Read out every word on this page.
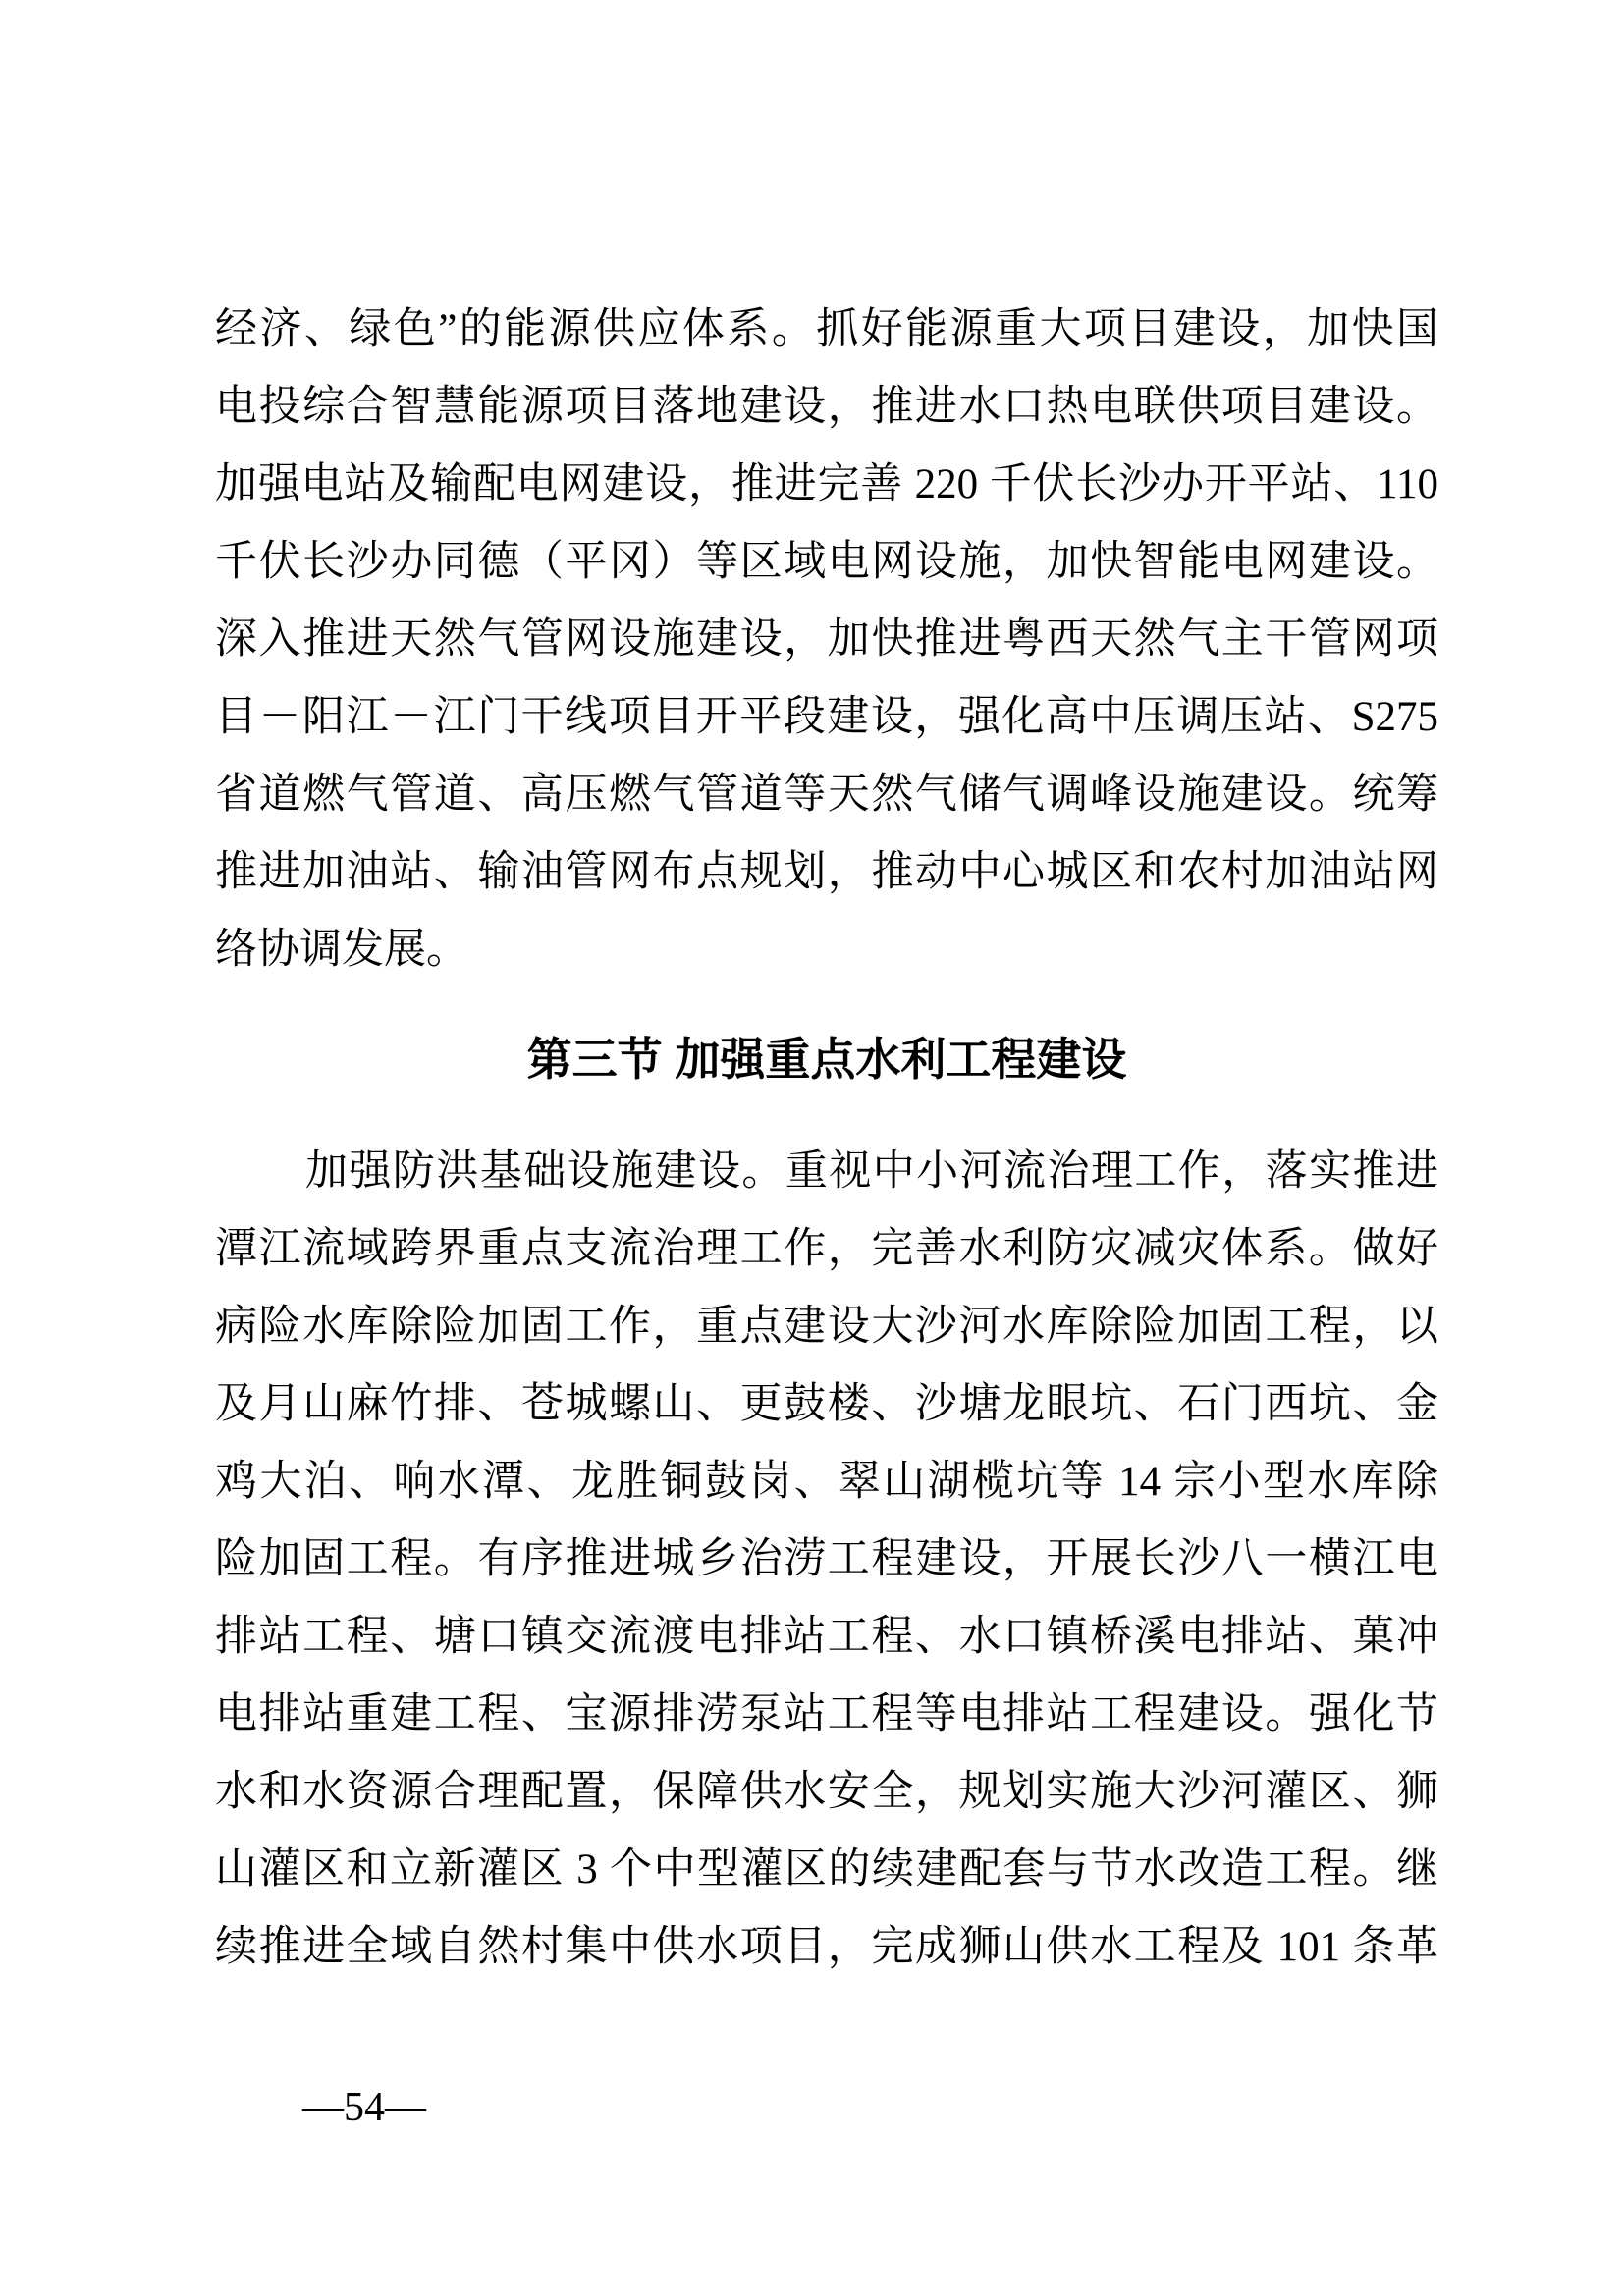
经济、绿色”的能源供应体系。抓好能源重大项目建设，加快国
电投综合智慧能源项目落地建设，推进水口热电联供项目建设。
加强电站及输配电网建设，推进完善 220 千伏长沙办开平站、110
千伏长沙办同德（平冈）等区域电网设施，加快智能电网建设。
深入推进天然气管网设施建设，加快推进粤西天然气主干管网项
目－阳江－江门干线项目开平段建设，强化高中压调压站、S275
省道燃气管道、高压燃气管道等天然气储气调峰设施建设。统筹
推进加油站、输油管网布点规划，推动中心城区和农村加油站网
络协调发展。
第三节 加强重点水利工程建设
加强防洪基础设施建设。重视中小河流治理工作，落实推进
潭江流域跨界重点支流治理工作，完善水利防灾减灾体系。做好
病险水库除险加固工作，重点建设大沙河水库除险加固工程，以
及月山麻竹排、苍城螺山、更鼓楼、沙塘龙眼坑、石门西坑、金
鸡大泊、响水潭、龙胜铜鼓岗、翠山湖榄坑等 14 宗小型水库除
险加固工程。有序推进城乡治涝工程建设，开展长沙八一横江电
排站工程、塘口镇交流渡电排站工程、水口镇桥溪电排站、菓冲
电排站重建工程、宝源排涝泵站工程等电排站工程建设。强化节
水和水资源合理配置，保障供水安全，规划实施大沙河灌区、狮
山灌区和立新灌区 3 个中型灌区的续建配套与节水改造工程。继
续推进全域自然村集中供水项目，完成狮山供水工程及 101 条革
—54—
